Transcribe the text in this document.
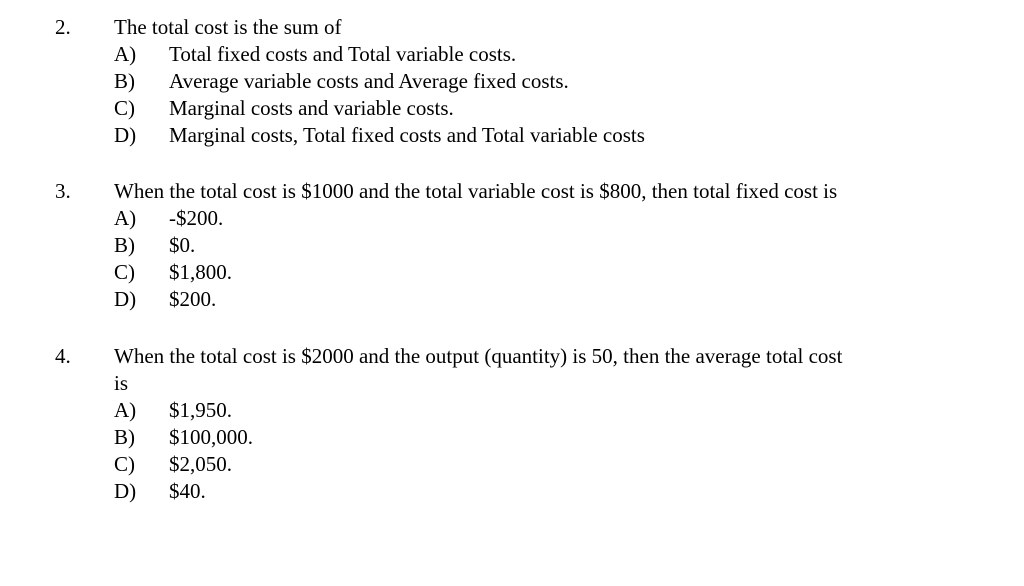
2. The total cost is the sum of
A) Total fixed costs and Total variable costs.
B) Average variable costs and Average fixed costs.
C) Marginal costs and variable costs.
D) Marginal costs, Total fixed costs and Total variable costs
3. When the total cost is $1000 and the total variable cost is $800, then total fixed cost is
A) -$200.
B) $0.
C) $1,800.
D) $200.
4. When the total cost is $2000 and the output (quantity) is 50, then the average total cost
is
A) $1,950.
B) $100,000.
C) $2,050.
D) $40.
